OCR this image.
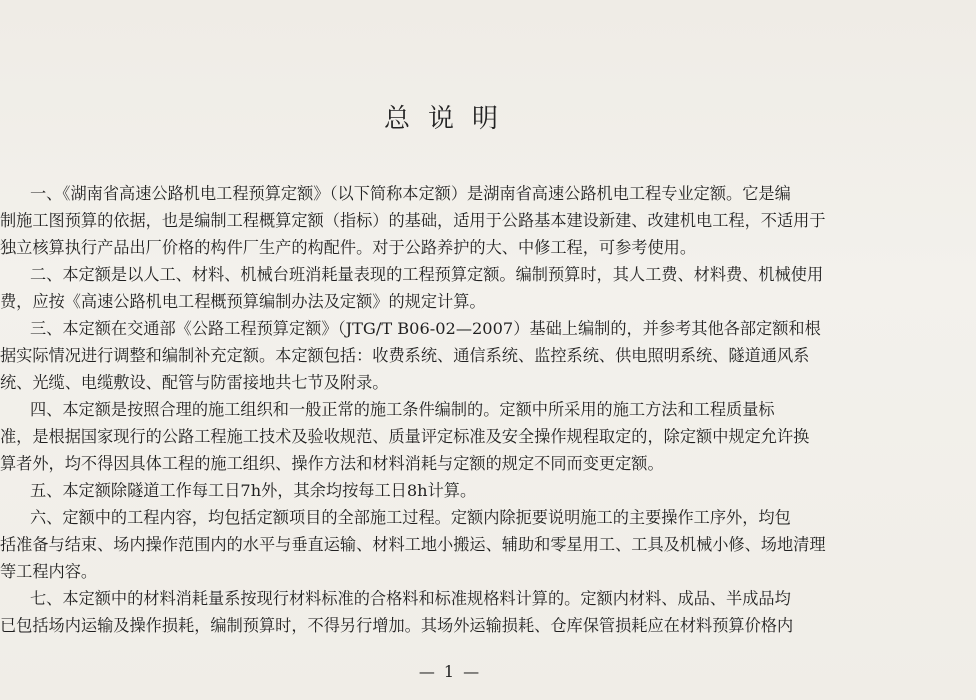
总说明
一、《湖南省高速公路机电工程预算定额》（以下简称本定额）是湖南省高速公路机电工程专业定额。它是编
制施工图预算的依据，也是编制工程概算定额（指标）的基础，适用于公路基本建设新建、改建机电工程，不适用于
独立核算执行产品出厂价格的构件厂生产的构配件。对于公路养护的大、中修工程，可参考使用。
二、本定额是以人工、材料、机械台班消耗量表现的工程预算定额。编制预算时，其人工费、材料费、机械使用
费，应按《高速公路机电工程概预算编制办法及定额》的规定计算。
三、本定额在交通部《公路工程预算定额》（JTG/T B06-02—2007）基础上编制的，并参考其他各部定额和根
据实际情况进行调整和编制补充定额。本定额包括：收费系统、通信系统、监控系统、供电照明系统、隧道通风系
统、光缆、电缆敷设、配管与防雷接地共七节及附录。
四、本定额是按照合理的施工组织和一般正常的施工条件编制的。定额中所采用的施工方法和工程质量标
准，是根据国家现行的公路工程施工技术及验收规范、质量评定标准及安全操作规程取定的，除定额中规定允许换
算者外，均不得因具体工程的施工组织、操作方法和材料消耗与定额的规定不同而变更定额。
五、本定额除隧道工作每工日7h外，其余均按每工日8h计算。
六、定额中的工程内容，均包括定额项目的全部施工过程。定额内除扼要说明施工的主要操作工序外，均包
括准备与结束、场内操作范围内的水平与垂直运输、材料工地小搬运、辅助和零星用工、工具及机械小修、场地清理
等工程内容。
七、本定额中的材料消耗量系按现行材料标准的合格料和标准规格料计算的。定额内材料、成品、半成品均
已包括场内运输及操作损耗，编制预算时，不得另行增加。其场外运输损耗、仓库保管损耗应在材料预算价格内
— 1 —
